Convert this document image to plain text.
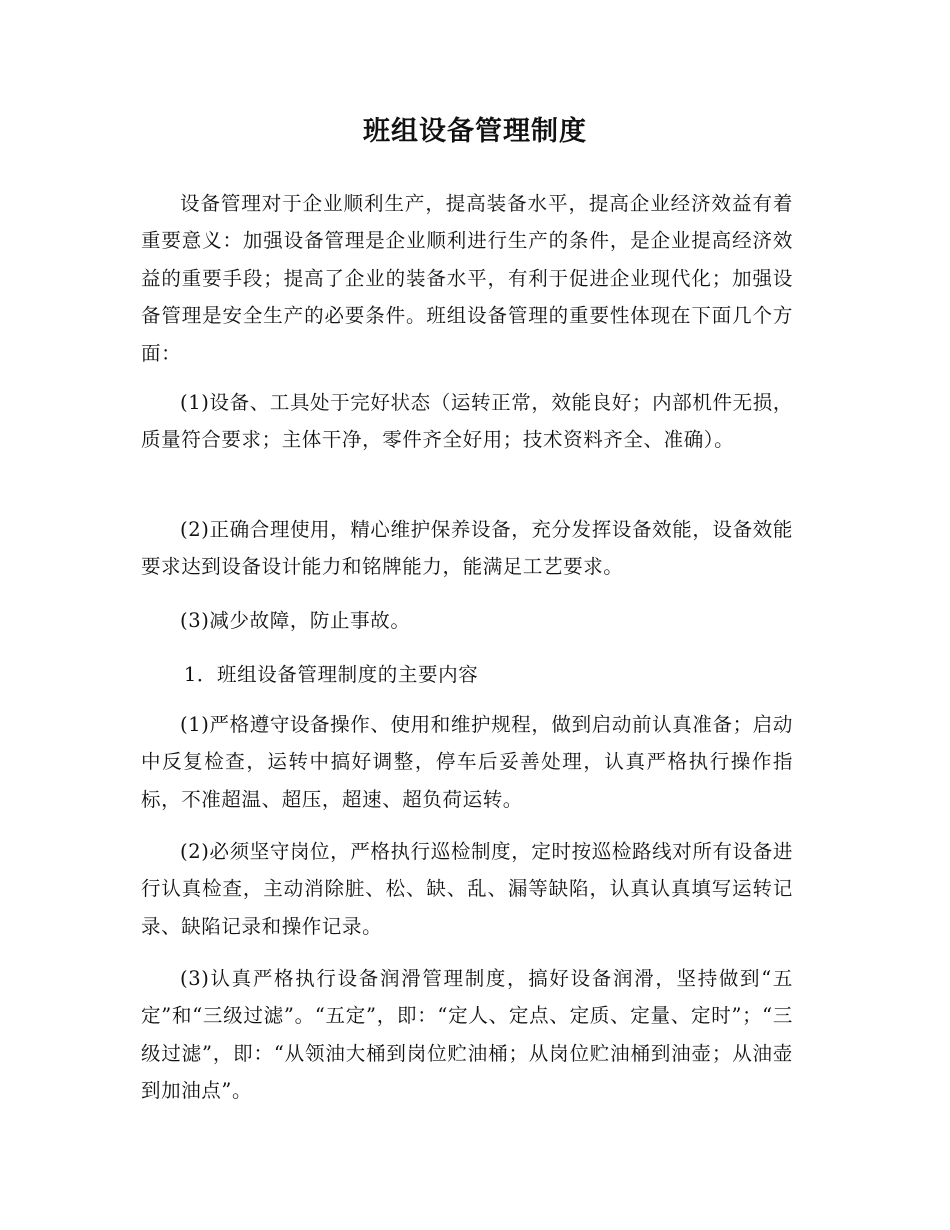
班组设备管理制度

设备管理对于企业顺利生产，提高装备水平，提高企业经济效益有着重要意义：加强设备管理是企业顺利进行生产的条件，是企业提高经济效益的重要手段；提高了企业的装备水平，有利于促进企业现代化；加强设备管理是安全生产的必要条件。班组设备管理的重要性体现在下面几个方面：

(1)设备、工具处于完好状态（运转正常，效能良好；内部机件无损，质量符合要求；主体干净，零件齐全好用；技术资料齐全、准确）。

(2)正确合理使用，精心维护保养设备，充分发挥设备效能，设备效能要求达到设备设计能力和铭牌能力，能满足工艺要求。

(3)减少故障，防止事故。

1．班组设备管理制度的主要内容

(1)严格遵守设备操作、使用和维护规程，做到启动前认真准备；启动中反复检查，运转中搞好调整，停车后妥善处理，认真严格执行操作指标，不准超温、超压，超速、超负荷运转。

(2)必须坚守岗位，严格执行巡检制度，定时按巡检路线对所有设备进行认真检查，主动消除脏、松、缺、乱、漏等缺陷，认真认真填写运转记录、缺陷记录和操作记录。

(3)认真严格执行设备润滑管理制度，搞好设备润滑，坚持做到“五定”和“三级过滤”。“五定”，即：“定人、定点、定质、定量、定时”；“三级过滤”，即：“从领油大桶到岗位贮油桶；从岗位贮油桶到油壶；从油壶到加油点”。
